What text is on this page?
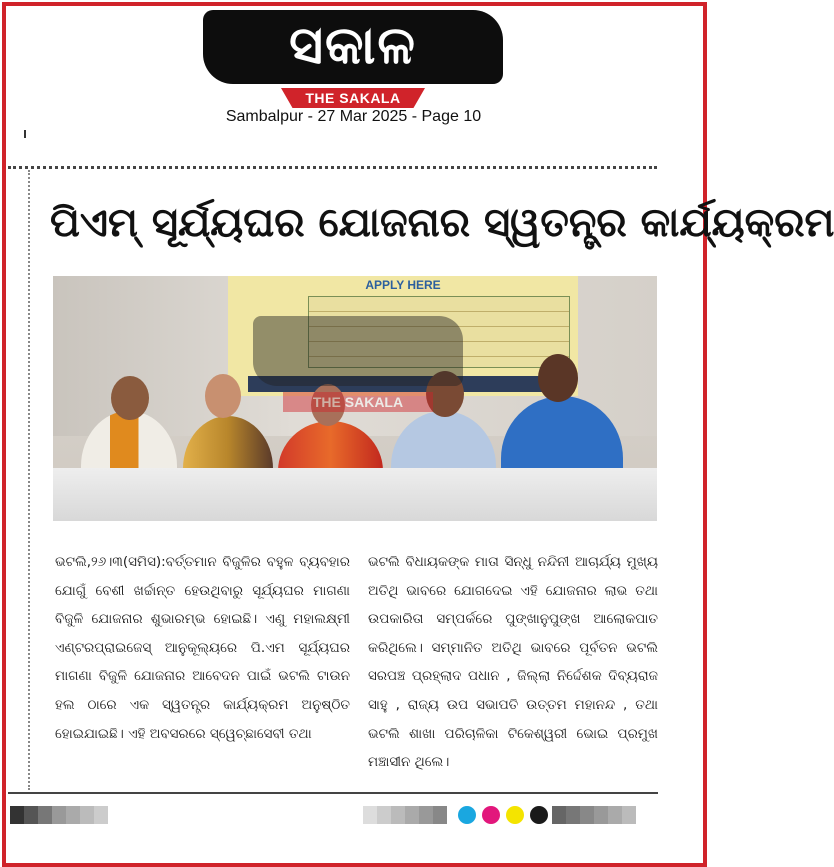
ସକାଳ
THE SAKALA
Sambalpur - 27 Mar 2025 - Page 10
ପିଏମ୍ ସୂର୍ଯ୍ୟଘର ଯୋଜନାର ସ୍ୱତନ୍ତ୍ର କାର୍ଯ୍ୟକ୍ରମ
APPLY HERE
THE SAKALA

ଭଟଲି,୨୬।୩(ସମିସ):ବର୍ତ୍ତମାନ ବିଜୁଳିର ବହୁଳ ବ୍ୟବହାର ଯୋଗୁଁ ବେଶୀ ଖର୍ଚ୍ଚାନ୍ତ ହେଉଥିବାରୁ ସୂର୍ଯ୍ୟଘର ମାଗଣା ବିଜୁଳି ଯୋଜନାର ଶୁଭାରମ୍ଭ ହୋଇଛି। ଏଣୁ ମହାଲକ୍ଷ୍ମୀ ଏଣ୍ଟରପ୍ରାଇଜେସ୍ ଆନୁକୂଲ୍ୟରେ ପି.ଏମ ସୂର୍ଯ୍ୟଘର ମାଗଣା ବିଜୁଳି ଯୋଜନାର ଆବେଦନ ପାଇଁ ଭଟଲି ଟାଉନ ହଲ ଠାରେ ଏକ ସ୍ୱତନ୍ତ୍ର କାର୍ଯ୍ୟକ୍ରମ ଅନୁଷ୍ଠିତ ହୋଇଯାଇଛି। ଏହି ଅବସରରେ ସ୍ୱେଚ୍ଛାସେବୀ ତଥା

ଭଟଲି ବିଧାୟକଙ୍କ ମାତା ସିନ୍ଧୁ ନନ୍ଦିନୀ ଆଚାର୍ଯ୍ୟ ମୁଖ୍ୟ ଅତିଥି ଭାବରେ ଯୋଗଦେଇ ଏହି ଯୋଜନାର ଲାଭ ତଥା ଉପକାରିତା ସମ୍ପର୍କରେ ପୁଙ୍ଖାନୁପୁଙ୍ଖ ଆଲୋକପାତ କରିଥିଲେ। ସମ୍ମାନିତ ଅତିଥି ଭାବରେ ପୂର୍ବତନ ଭଟଲି ସରପଞ୍ଚ ପ୍ରହ୍ଲାଦ ପଧାନ , ଜିଲ୍ଲା ନିର୍ଦ୍ଦେଶକ ଦିବ୍ୟରାଜ ସାହୁ , ରାଜ୍ୟ ଉପ ସଭାପତି ଉତ୍ତମ ମହାନନ୍ଦ , ତଥା ଭଟଲି ଶାଖା ପରିଚାଳିକା ଟିକେଶ୍ୱରୀ ଭୋଇ ପ୍ରମୁଖ ମଞ୍ଚାସୀନ ଥିଲେ।
